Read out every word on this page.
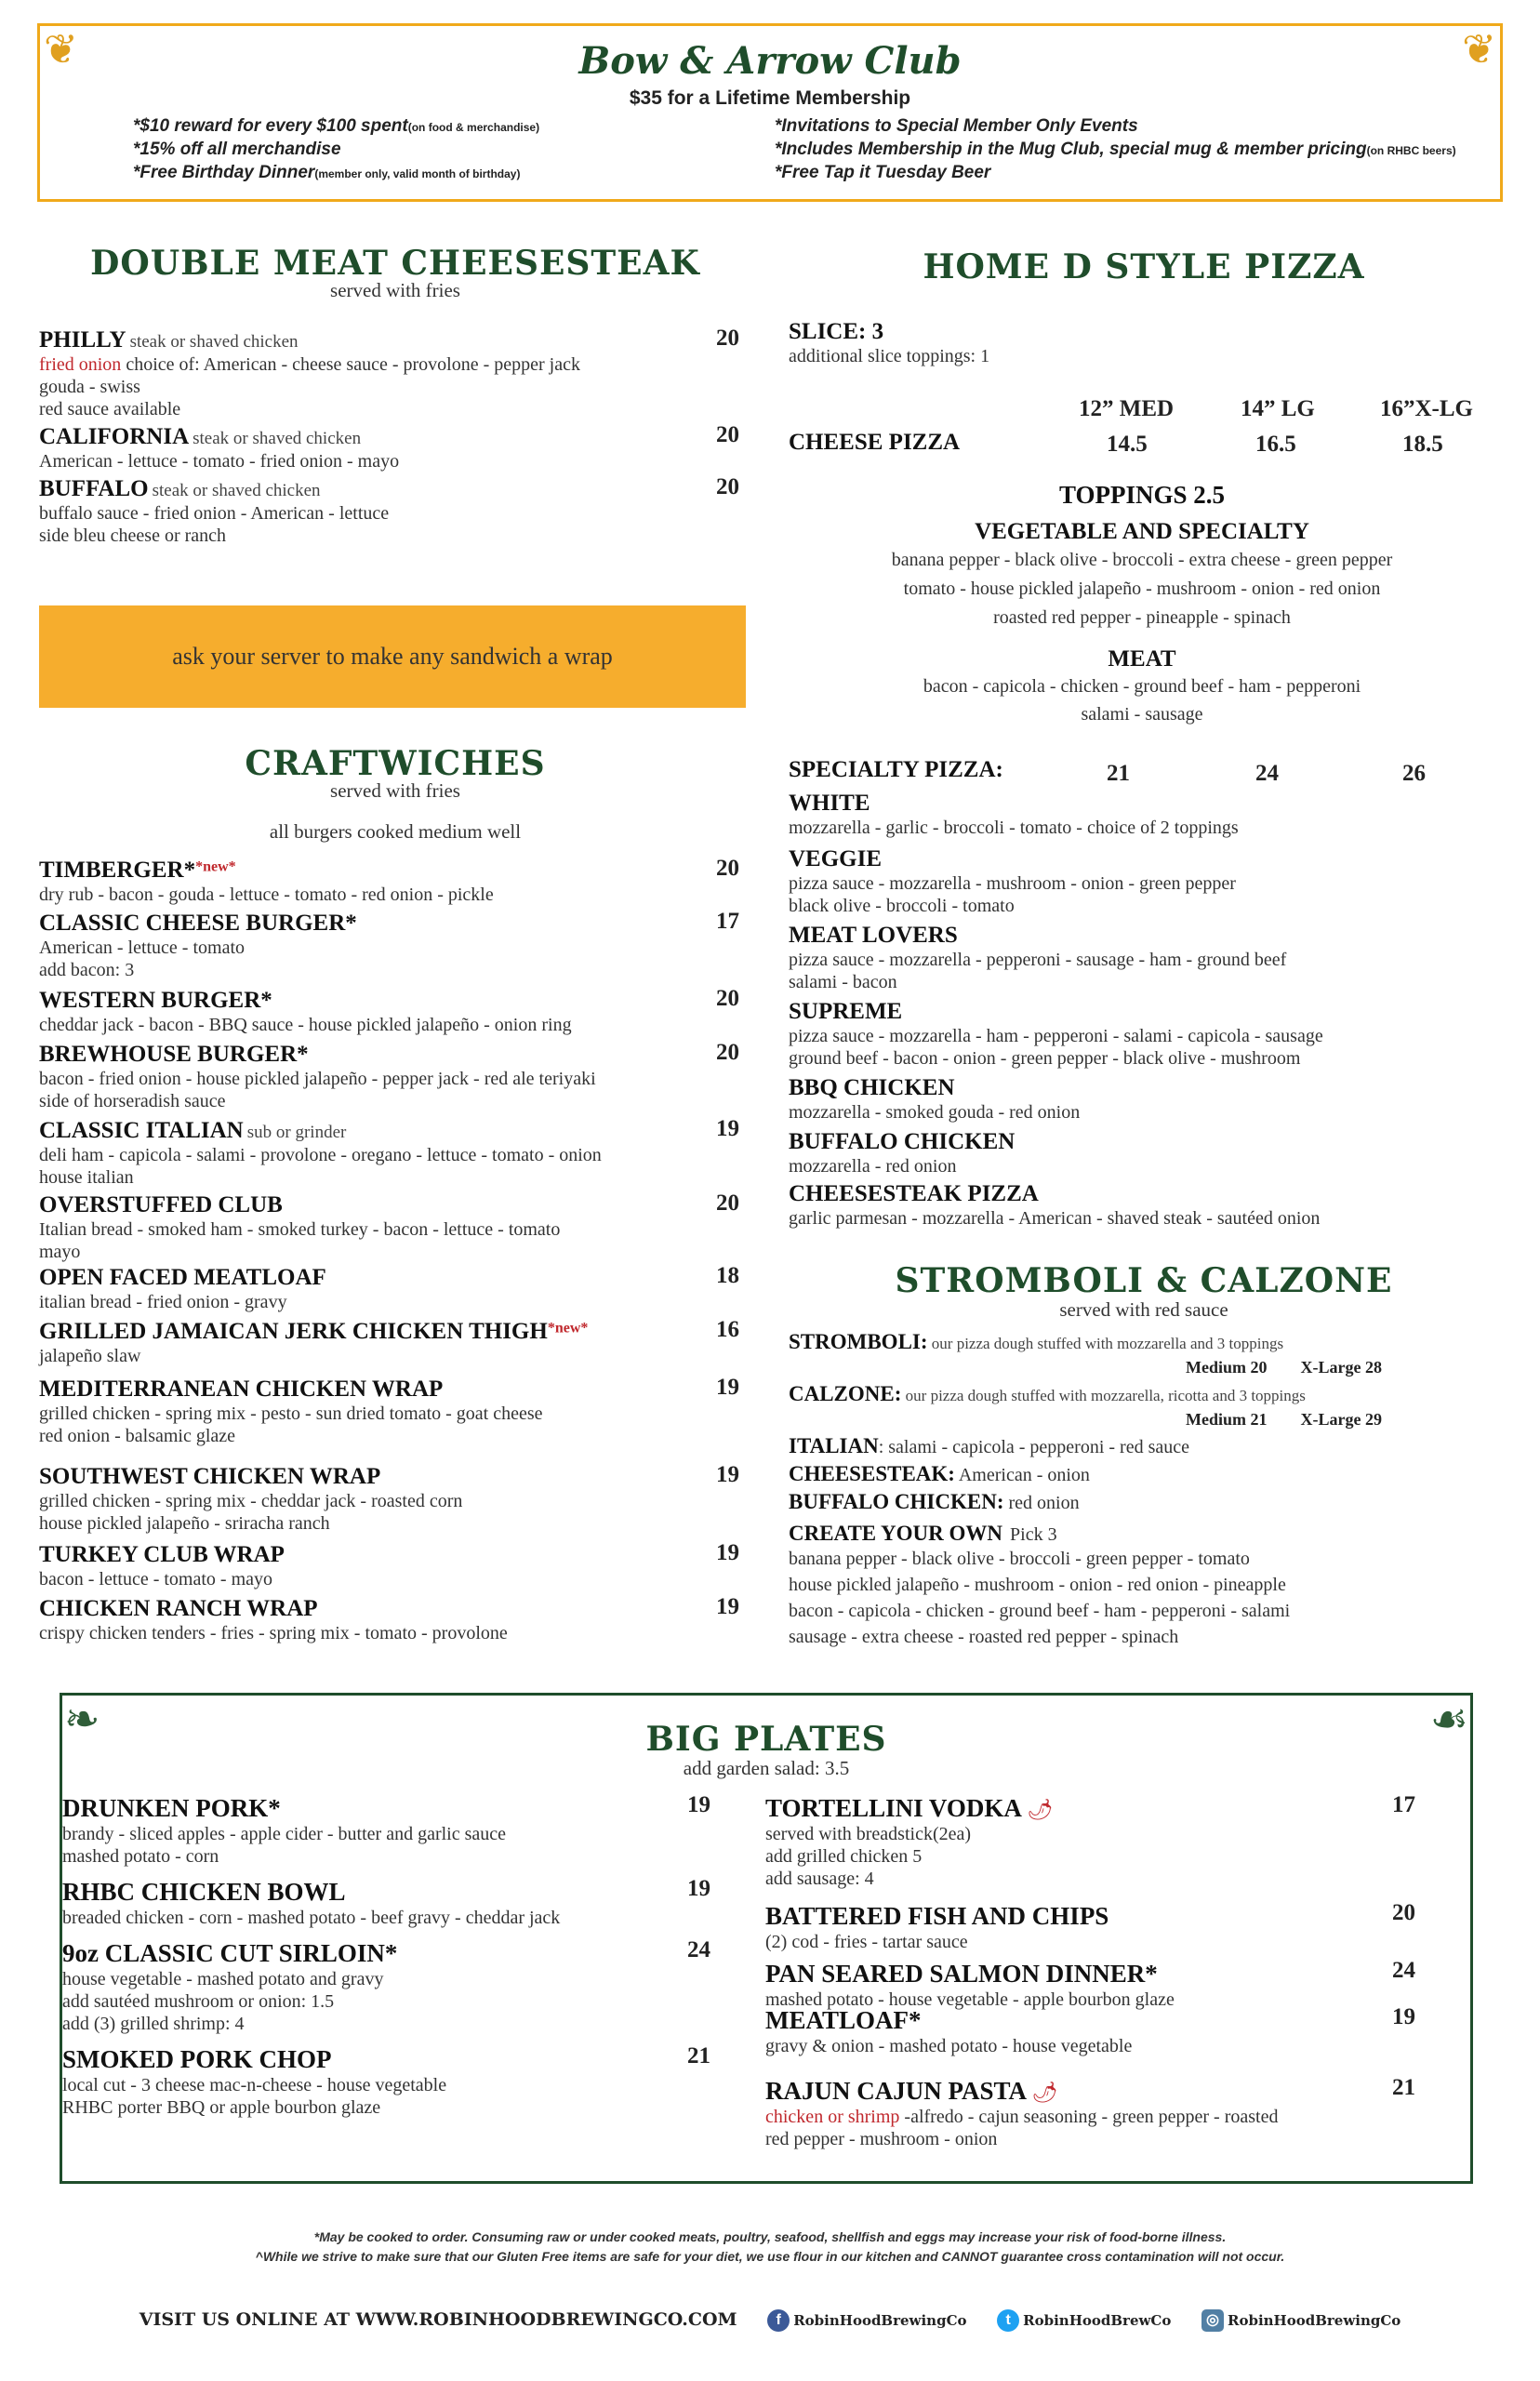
❦	❦
Bow & Arrow Club
$35 for a Lifetime Membership
*$10 reward for every $100 spent(on food & merchandise)
*15% off all merchandise
*Free Birthday Dinner(member only, valid month of birthday)
*Invitations to Special Member Only Events
*Includes Membership in the Mug Club, special mug & member pricing(on RHBC beers)
*Free Tap it Tuesday Beer
DOUBLE MEAT CHEESESTEAK
served with fries
PHILLY steak or shaved chicken
fried onion choice of: American - cheese sauce - provolone - pepper jack
gouda - swiss
red sauce available
20
CALIFORNIA steak or shaved chicken
American - lettuce - tomato - fried onion - mayo
20
BUFFALO steak or shaved chicken
buffalo sauce - fried onion - American - lettuce
side bleu cheese or ranch
20
ask your server to make any sandwich a wrap
CRAFTWICHES
served with fries
all burgers cooked medium well
TIMBERGER**new*
dry rub - bacon - gouda - lettuce - tomato - red onion - pickle
20
CLASSIC CHEESE BURGER*
American - lettuce - tomato
add bacon: 3
17
WESTERN BURGER*
cheddar jack - bacon - BBQ sauce - house pickled jalapeño - onion ring
20
BREWHOUSE BURGER*
bacon - fried onion - house pickled jalapeño - pepper jack - red ale teriyaki
side of horseradish sauce
20
CLASSIC ITALIAN sub or grinder
deli ham - capicola - salami - provolone - oregano - lettuce - tomato - onion
house italian
19
OVERSTUFFED CLUB
Italian bread - smoked ham - smoked turkey - bacon - lettuce - tomato
mayo
20
OPEN FACED MEATLOAF
italian bread - fried onion - gravy
18
GRILLED JAMAICAN JERK CHICKEN THIGH*new*
jalapeño slaw
16
MEDITERRANEAN CHICKEN WRAP
grilled chicken - spring mix - pesto - sun dried tomato - goat cheese
red onion - balsamic glaze
19
SOUTHWEST CHICKEN WRAP
grilled chicken - spring mix - cheddar jack - roasted corn
house pickled jalapeño - sriracha ranch
19
TURKEY CLUB WRAP
bacon - lettuce - tomato - mayo
19
CHICKEN RANCH WRAP
crispy chicken tenders - fries - spring mix - tomato - provolone
19
HOME D STYLE PIZZA
SLICE: 3
additional slice toppings: 1
12” MED	14” LG	16”X-LG
CHEESE PIZZA	14.5	16.5	18.5
TOPPINGS 2.5
VEGETABLE AND SPECIALTY
banana pepper - black olive - broccoli - extra cheese - green pepper
tomato - house pickled jalapeño - mushroom - onion - red onion
roasted red pepper - pineapple - spinach
MEAT
bacon - capicola - chicken - ground beef - ham - pepperoni
salami - sausage
SPECIALTY PIZZA:	21	24	26
WHITE
mozzarella - garlic - broccoli - tomato - choice of 2 toppings
VEGGIE
pizza sauce - mozzarella - mushroom - onion - green pepper
black olive - broccoli - tomato
MEAT LOVERS
pizza sauce - mozzarella - pepperoni - sausage - ham - ground beef
salami - bacon
SUPREME
pizza sauce - mozzarella - ham - pepperoni - salami - capicola - sausage
ground beef - bacon - onion - green pepper - black olive - mushroom
BBQ CHICKEN
mozzarella - smoked gouda - red onion
BUFFALO CHICKEN
mozzarella - red onion
CHEESESTEAK PIZZA
garlic parmesan - mozzarella - American - shaved steak - sautéed onion
STROMBOLI & CALZONE
served with red sauce
STROMBOLI: our pizza dough stuffed with mozzarella and 3 toppings
Medium 20        X-Large 28
CALZONE: our pizza dough stuffed with mozzarella, ricotta and 3 toppings
Medium 21        X-Large 29
ITALIAN: salami - capicola - pepperoni - red sauce
CHEESESTEAK: American - onion
BUFFALO CHICKEN: red onion
CREATE YOUR OWN Pick 3
banana pepper - black olive - broccoli - green pepper - tomato
house pickled jalapeño - mushroom - onion - red onion - pineapple
bacon - capicola - chicken - ground beef - ham - pepperoni - salami
sausage - extra cheese - roasted red pepper - spinach
❧	☙
BIG PLATES
add garden salad: 3.5
DRUNKEN PORK*
brandy - sliced apples - apple cider - butter and garlic sauce
mashed potato - corn
19
RHBC CHICKEN BOWL
breaded chicken - corn - mashed potato - beef gravy - cheddar jack
19
9oz CLASSIC CUT SIRLOIN*
house vegetable - mashed potato and gravy
add sautéed mushroom or onion: 1.5
add (3) grilled shrimp: 4
24
SMOKED PORK CHOP
local cut - 3 cheese mac-n-cheese - house vegetable
RHBC porter BBQ or apple bourbon glaze
21
TORTELLINI VODKA 🌶
served with breadstick(2ea)
add grilled chicken 5
add sausage: 4
17
BATTERED FISH AND CHIPS
(2) cod - fries - tartar sauce
20
PAN SEARED SALMON DINNER*
mashed potato - house vegetable - apple bourbon glaze
24
MEATLOAF*
gravy & onion - mashed potato - house vegetable
19
RAJUN CAJUN PASTA 🌶
chicken or shrimp -alfredo - cajun seasoning - green pepper - roasted
red pepper - mushroom - onion
21
*May be cooked to order. Consuming raw or under cooked meats, poultry, seafood, shellfish and eggs may increase your risk of food-borne illness.
^While we strive to make sure that our Gluten Free items are safe for your diet, we use flour in our kitchen and CANNOT guarantee cross contamination will not occur.
VISIT US ONLINE AT WWW.ROBINHOODBREWINGCO.COM	f RobinHoodBrewingCo	t RobinHoodBrewCo ◎ RobinHoodBrewingCo
